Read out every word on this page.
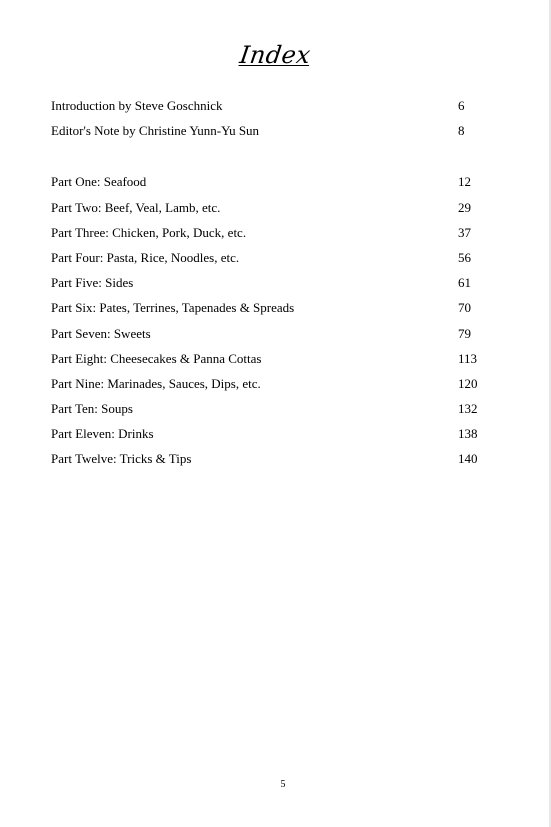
Index
Introduction by Steve Goschnick	6
Editor's Note by Christine Yunn-Yu Sun	8
Part One: Seafood	12
Part Two: Beef, Veal, Lamb, etc.	29
Part Three: Chicken, Pork, Duck, etc.	37
Part Four: Pasta, Rice, Noodles, etc.	56
Part Five: Sides	61
Part Six: Pates, Terrines, Tapenades & Spreads	70
Part Seven: Sweets	79
Part Eight: Cheesecakes & Panna Cottas	113
Part Nine: Marinades, Sauces, Dips, etc.	120
Part Ten: Soups	132
Part Eleven: Drinks	138
Part Twelve: Tricks & Tips	140
5
